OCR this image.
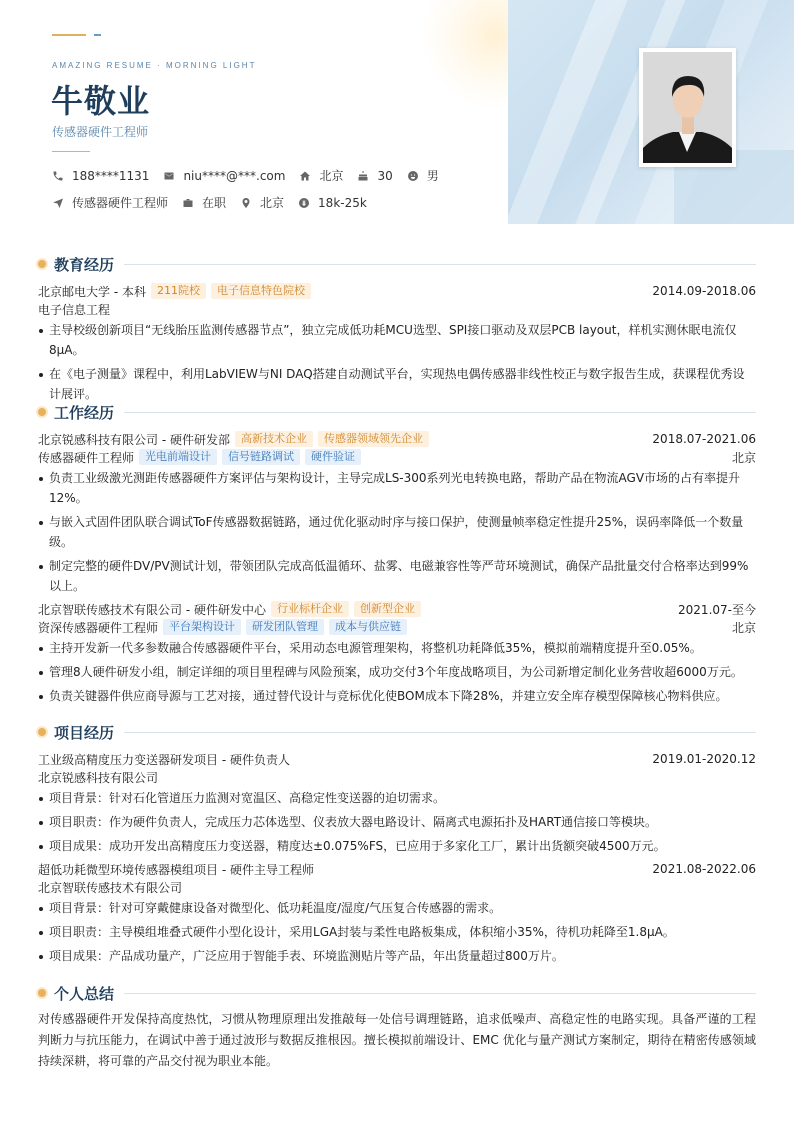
AMAZING RESUME · MORNING LIGHT
牛敬业
传感器硬件工程师
188****1131	niu****@***.com	北京	30	男
传感器硬件工程师	在职	北京	18k-25k
教育经历
北京邮电大学 - 本科	211院校	电子信息特色院校	2014.09-2018.06
电子信息工程
主导校级创新项目“无线胎压监测传感器节点”，独立完成低功耗MCU选型、SPI接口驱动及双层PCB layout，样机实测休眠电流仅8μA。
在《电子测量》课程中，利用LabVIEW与NI DAQ搭建自动测试平台，实现热电偶传感器非线性校正与数字报告生成，获课程优秀设计展评。
工作经历
北京锐感科技有限公司 - 硬件研发部	高新技术企业	传感器领域领先企业	2018.07-2021.06
传感器硬件工程师	光电前端设计	信号链路调试	硬件验证	北京
负责工业级激光测距传感器硬件方案评估与架构设计，主导完成LS-300系列光电转换电路，帮助产品在物流AGV市场的占有率提升12%。
与嵌入式固件团队联合调试ToF传感器数据链路，通过优化驱动时序与接口保护，使测量帧率稳定性提升25%，误码率降低一个数量级。
制定完整的硬件DV/PV测试计划，带领团队完成高低温循环、盐雾、电磁兼容性等严苛环境测试，确保产品批量交付合格率达到99%以上。
北京智联传感技术有限公司 - 硬件研发中心	行业标杆企业	创新型企业	2021.07-至今
资深传感器硬件工程师	平台架构设计	研发团队管理	成本与供应链	北京
主持开发新一代多参数融合传感器硬件平台，采用动态电源管理架构，将整机功耗降低35%，模拟前端精度提升至0.05%。
管理8人硬件研发小组，制定详细的项目里程碑与风险预案，成功交付3个年度战略项目，为公司新增定制化业务营收超6000万元。
负责关键器件供应商导源与工艺对接，通过替代设计与竞标优化使BOM成本下降28%，并建立安全库存模型保障核心物料供应。
项目经历
工业级高精度压力变送器研发项目 - 硬件负责人	2019.01-2020.12
北京锐感科技有限公司
项目背景：针对石化管道压力监测对宽温区、高稳定性变送器的迫切需求。
项目职责：作为硬件负责人，完成压力芯体选型、仪表放大器电路设计、隔离式电源拓扑及HART通信接口等模块。
项目成果：成功开发出高精度压力变送器，精度达±0.075%FS，已应用于多家化工厂，累计出货额突破4500万元。
超低功耗微型环境传感器模组项目 - 硬件主导工程师	2021.08-2022.06
北京智联传感技术有限公司
项目背景：针对可穿戴健康设备对微型化、低功耗温度/湿度/气压复合传感器的需求。
项目职责：主导模组堆叠式硬件小型化设计，采用LGA封装与柔性电路板集成，体积缩小35%，待机功耗降至1.8μA。
项目成果：产品成功量产，广泛应用于智能手表、环境监测贴片等产品，年出货量超过800万片。
个人总结
对传感器硬件开发保持高度热忱，习惯从物理原理出发推敲每一处信号调理链路，追求低噪声、高稳定性的电路实现。具备严谨的工程判断力与抗压能力，在调试中善于通过波形与数据反推根因。擅长模拟前端设计、EMC 优化与量产测试方案制定，期待在精密传感领域持续深耕，将可靠的产品交付视为职业本能。
